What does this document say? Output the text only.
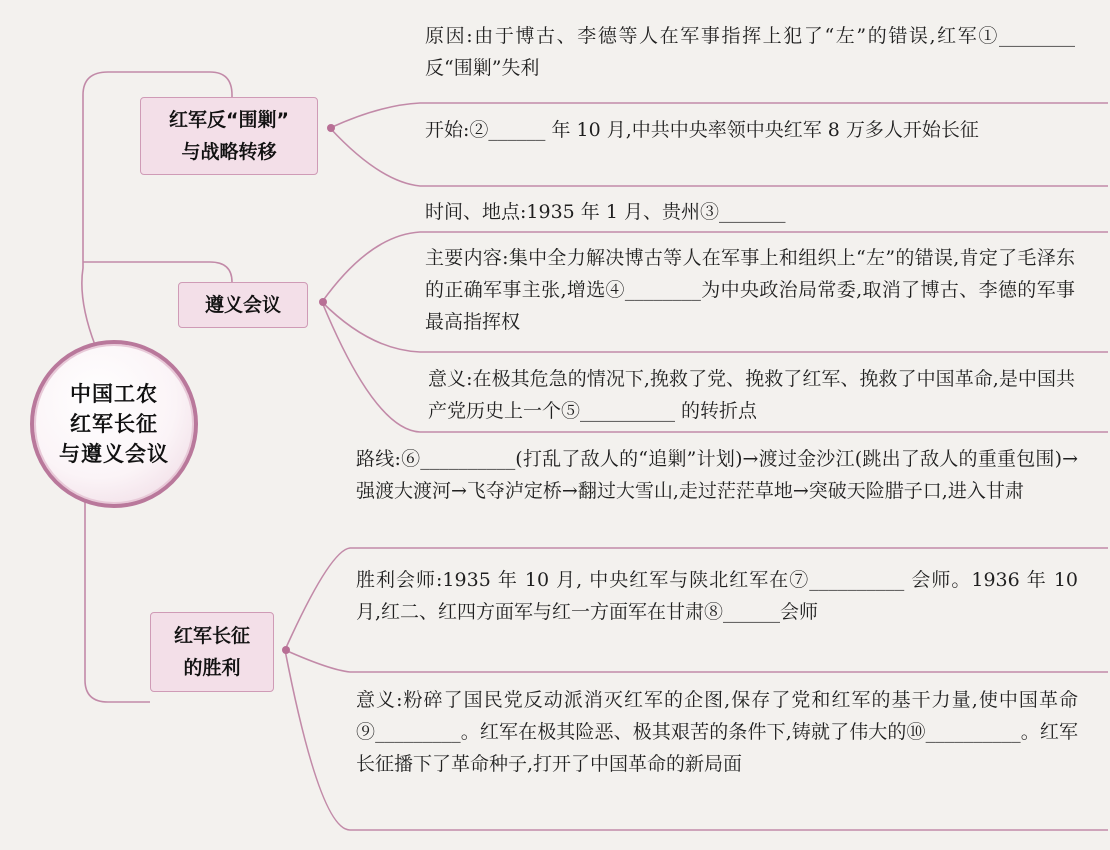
中国工农
红军长征
与遵义会议
红军反“围剿”
与战略转移
遵义会议
红军长征
的胜利
原因:由于博古、李德等人在军事指挥上犯了“左”的错误,红军①________ 反“围剿”失利
开始:②______ 年 10 月,中共中央率领中央红军 8 万多人开始长征
时间、地点:1935 年 1 月、贵州③_______
主要内容:集中全力解决博古等人在军事上和组织上“左”的错误,肯定了毛泽东的正确军事主张,增选④________为中央政治局常委,取消了博古、李德的军事最高指挥权
意义:在极其危急的情况下,挽救了党、挽救了红军、挽救了中国革命,是中国共产党历史上一个⑤__________ 的转折点
路线:⑥__________(打乱了敌人的“追剿”计划)→渡过金沙江(跳出了敌人的重重包围)→强渡大渡河→飞夺泸定桥→翻过大雪山,走过茫茫草地→突破天险腊子口,进入甘肃
胜利会师:1935 年 10 月, 中央红军与陕北红军在⑦__________ 会师。1936 年 10 月,红二、红四方面军与红一方面军在甘肃⑧______会师
意义:粉碎了国民党反动派消灭红军的企图,保存了党和红军的基干力量,使中国革命⑨_________。红军在极其险恶、极其艰苦的条件下,铸就了伟大的⑩__________。红军长征播下了革命种子,打开了中国革命的新局面
